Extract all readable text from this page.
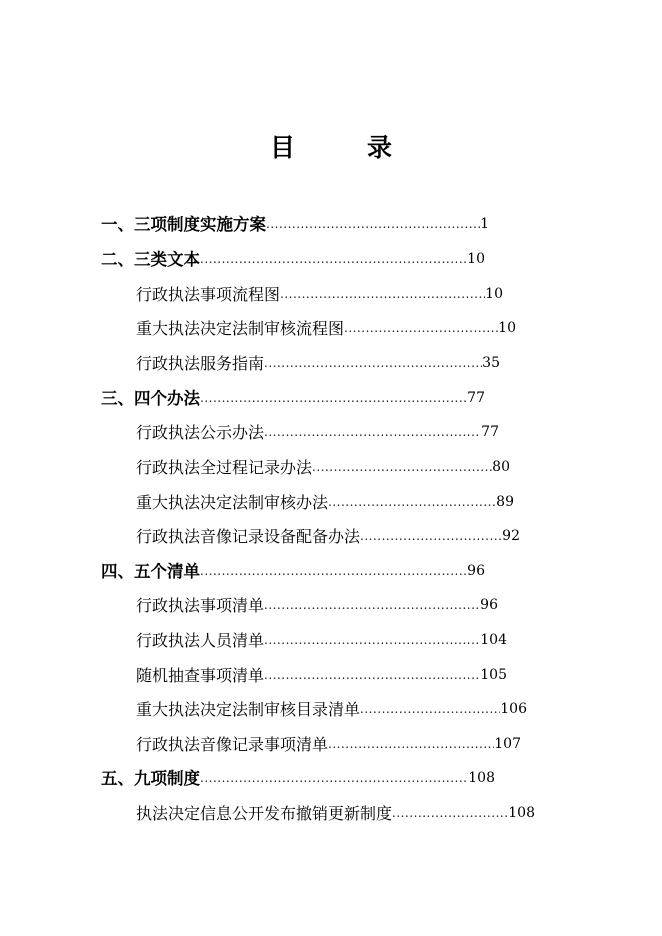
目	录
一、三项制度实施方案 .....	1
二、三类文本 .....	10
行政执法事项流程图 .....	10
重大执法决定法制审核流程图 .....	10
行政执法服务指南 .....	35
三、四个办法 .....	77
行政执法公示办法 .....	77
行政执法全过程记录办法 .....	80
重大执法决定法制审核办法 .....	89
行政执法音像记录设备配备办法 .....	92
四、五个清单 .....	96
行政执法事项清单 .....	96
行政执法人员清单 .....	104
随机抽查事项清单 .....	105
重大执法决定法制审核目录清单 .....	106
行政执法音像记录事项清单 .....	107
五、九项制度 .....	108
执法决定信息公开发布撤销更新制度 .....	108
